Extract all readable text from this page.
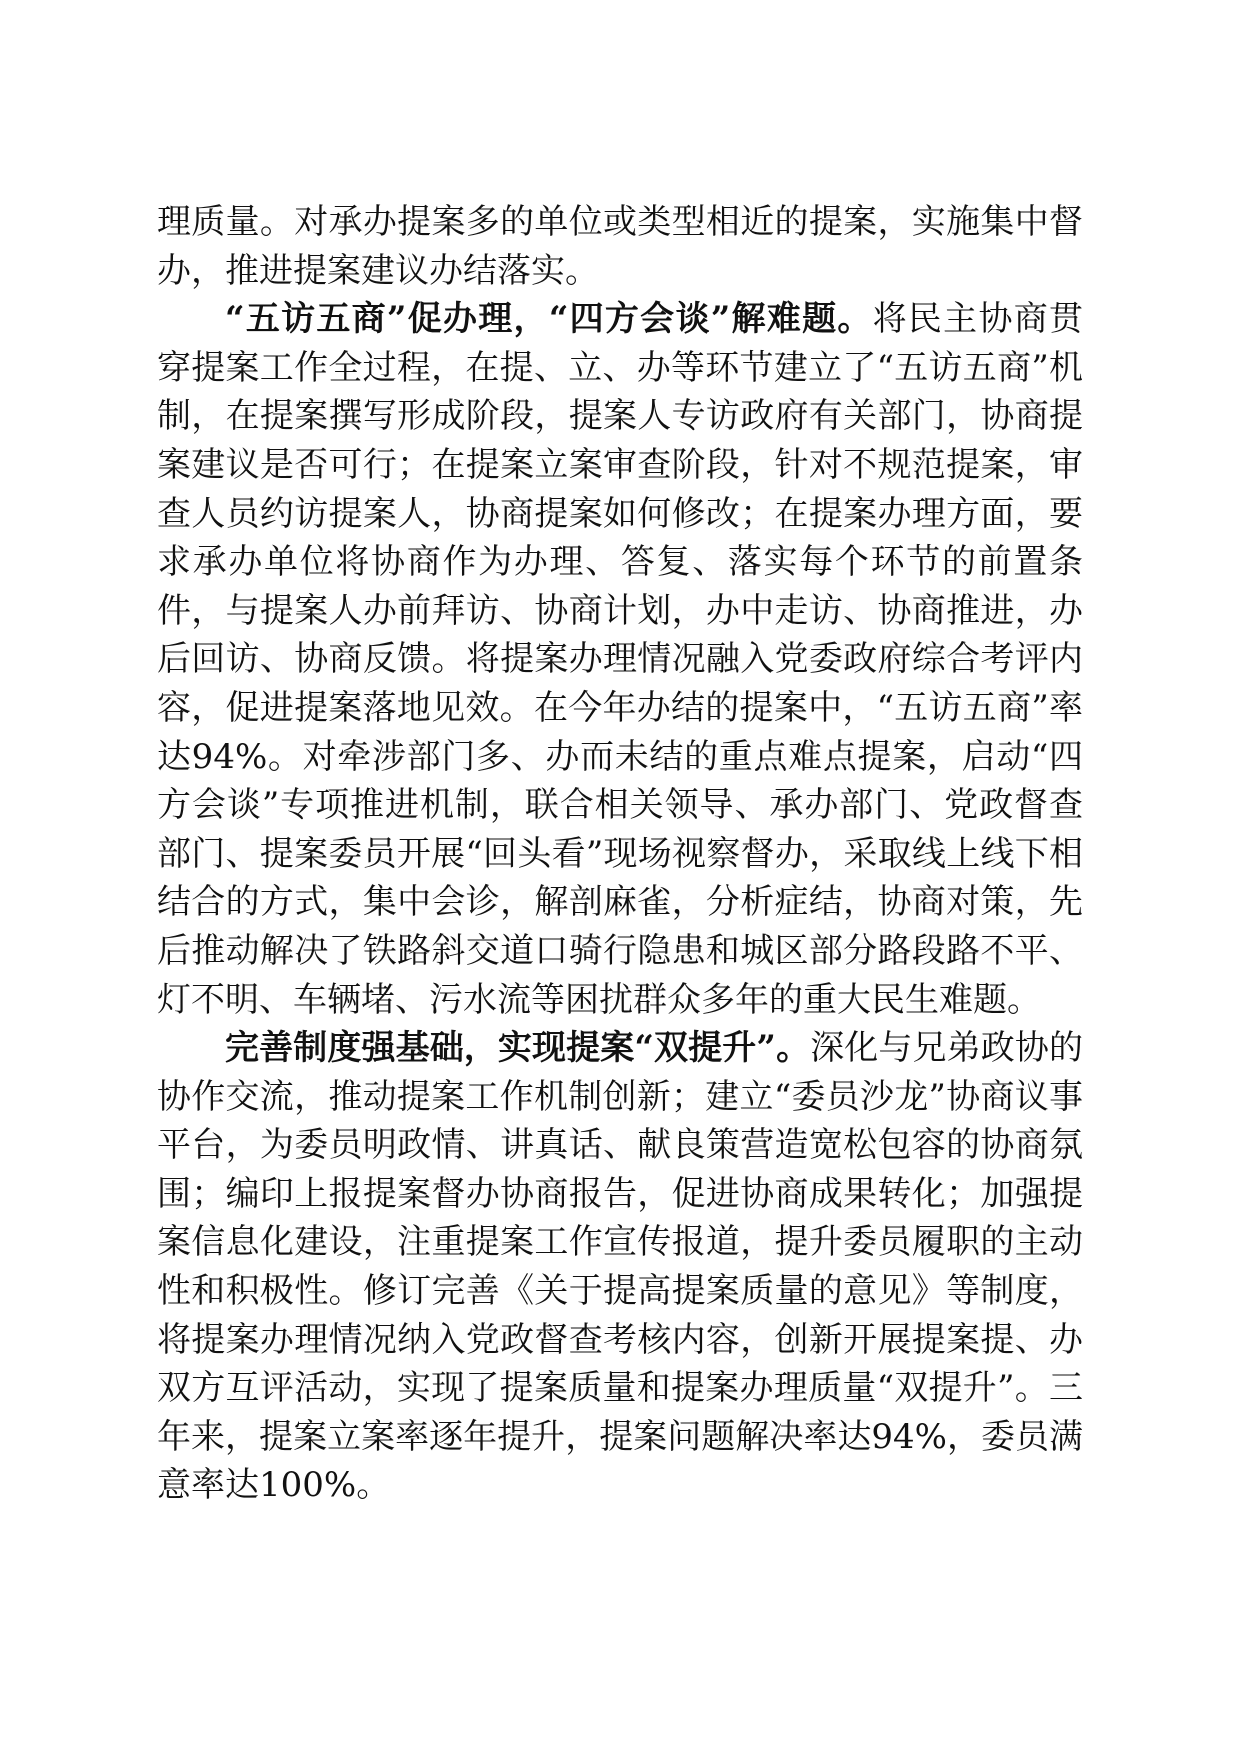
理质量。对承办提案多的单位或类型相近的提案，实施集中督办，推进提案建议办结落实。

“五访五商”促办理，“四方会谈”解难题。将民主协商贯穿提案工作全过程，在提、立、办等环节建立了“五访五商”机制，在提案撰写形成阶段，提案人专访政府有关部门，协商提案建议是否可行；在提案立案审查阶段，针对不规范提案，审查人员约访提案人，协商提案如何修改；在提案办理方面，要求承办单位将协商作为办理、答复、落实每个环节的前置条件，与提案人办前拜访、协商计划，办中走访、协商推进，办后回访、协商反馈。将提案办理情况融入党委政府综合考评内容，促进提案落地见效。在今年办结的提案中，“五访五商”率达94%。对牵涉部门多、办而未结的重点难点提案，启动“四方会谈”专项推进机制，联合相关领导、承办部门、党政督查部门、提案委员开展“回头看”现场视察督办，采取线上线下相结合的方式，集中会诊，解剖麻雀，分析症结，协商对策，先后推动解决了铁路斜交道口骑行隐患和城区部分路段路不平、灯不明、车辆堵、污水流等困扰群众多年的重大民生难题。

完善制度强基础，实现提案“双提升”。深化与兄弟政协的协作交流，推动提案工作机制创新；建立“委员沙龙”协商议事平台，为委员明政情、讲真话、献良策营造宽松包容的协商氛围；编印上报提案督办协商报告，促进协商成果转化；加强提案信息化建设，注重提案工作宣传报道，提升委员履职的主动性和积极性。修订完善《关于提高提案质量的意见》等制度，将提案办理情况纳入党政督查考核内容，创新开展提案提、办双方互评活动，实现了提案质量和提案办理质量“双提升”。三年来，提案立案率逐年提升，提案问题解决率达94%，委员满意率达100%。
